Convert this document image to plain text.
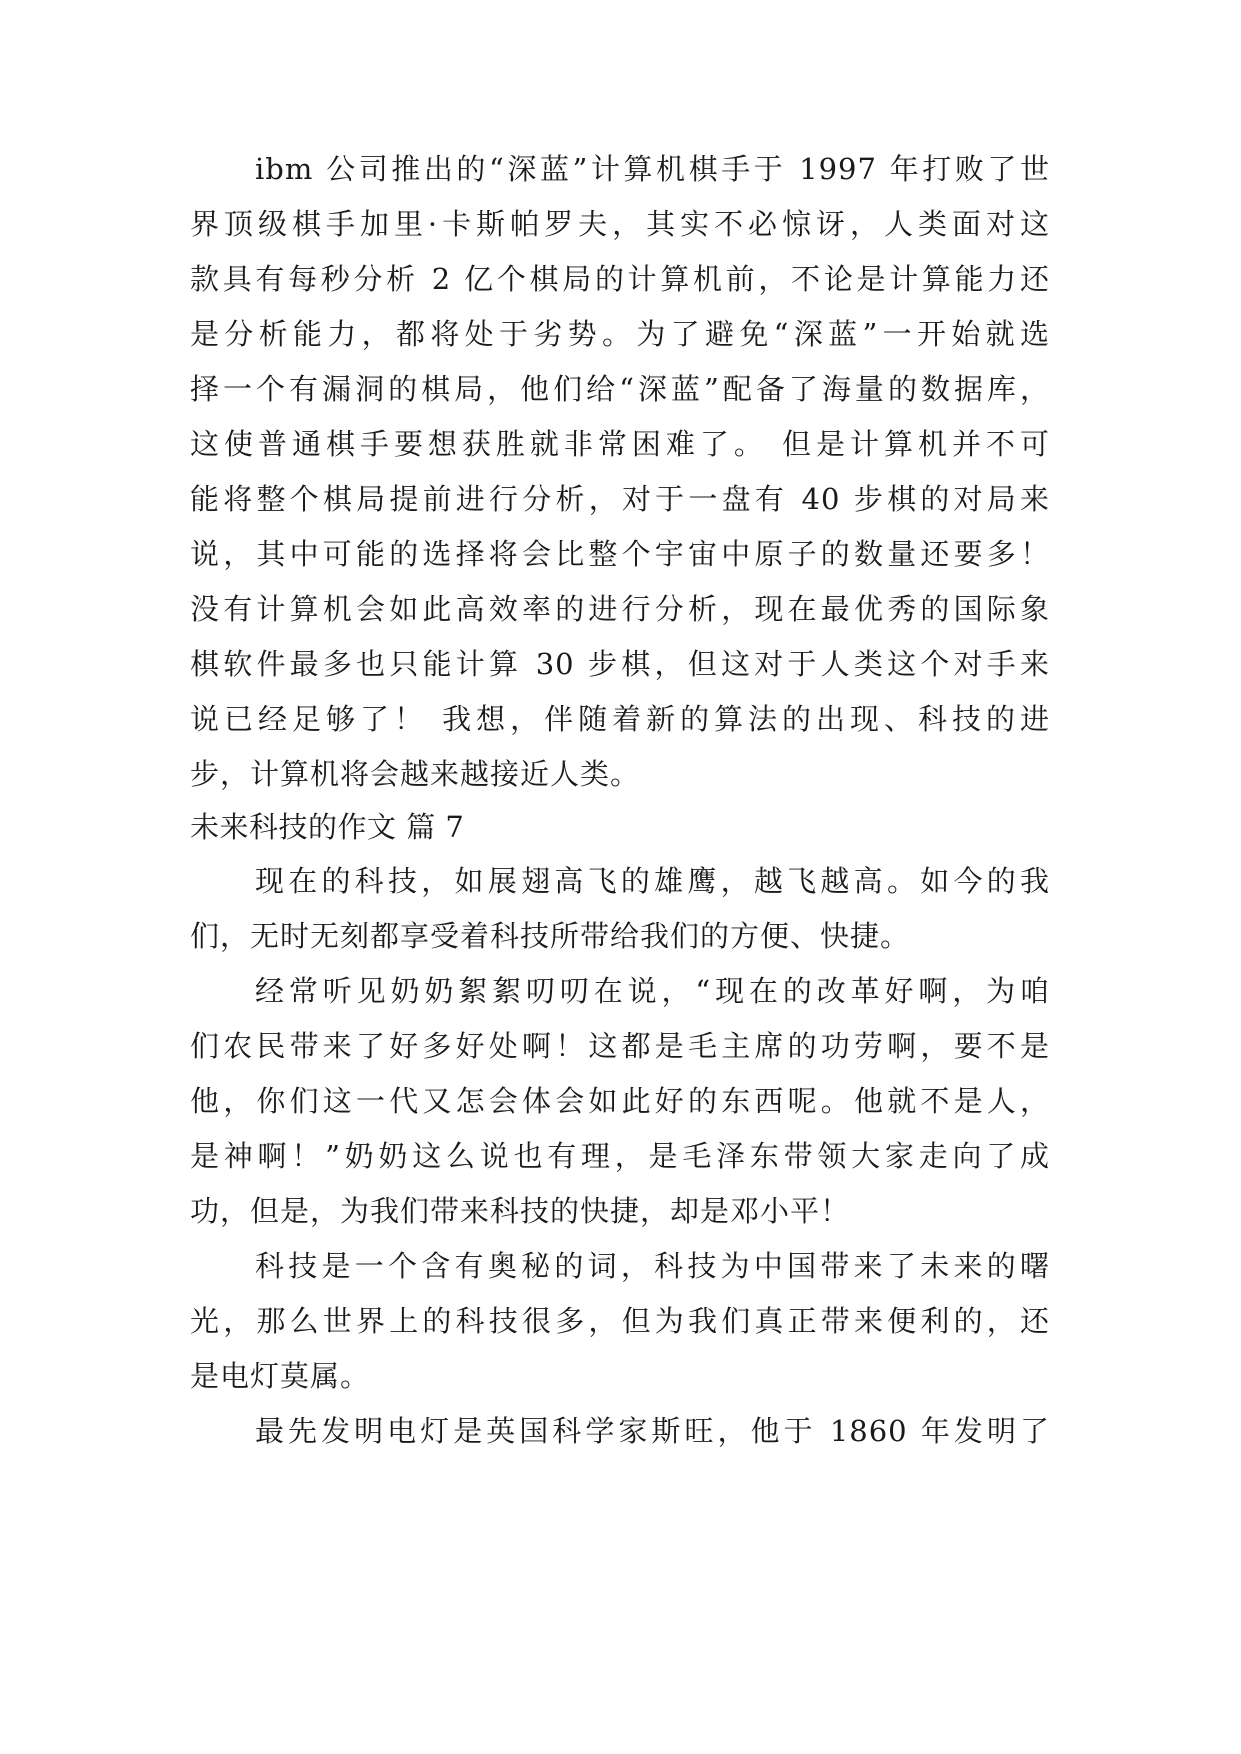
ibm 公司推出的“深蓝”计算机棋手于 1997 年打败了世
界顶级棋手加里·卡斯帕罗夫，其实不必惊讶，人类面对这
款具有每秒分析 2 亿个棋局的计算机前，不论是计算能力还
是分析能力，都将处于劣势。为了避免“深蓝”一开始就选
择一个有漏洞的棋局，他们给“深蓝”配备了海量的数据库，
这使普通棋手要想获胜就非常困难了。 但是计算机并不可
能将整个棋局提前进行分析，对于一盘有 40 步棋的对局来
说，其中可能的选择将会比整个宇宙中原子的数量还要多！
没有计算机会如此高效率的进行分析，现在最优秀的国际象
棋软件最多也只能计算 30 步棋，但这对于人类这个对手来
说已经足够了！ 我想，伴随着新的算法的出现、科技的进
步，计算机将会越来越接近人类。
未来科技的作文 篇 7
现在的科技，如展翅高飞的雄鹰，越飞越高。如今的我
们，无时无刻都享受着科技所带给我们的方便、快捷。
经常听见奶奶絮絮叨叨在说，“现在的改革好啊，为咱
们农民带来了好多好处啊！这都是毛主席的功劳啊，要不是
他，你们这一代又怎会体会如此好的东西呢。他就不是人，
是神啊！”奶奶这么说也有理，是毛泽东带领大家走向了成
功，但是，为我们带来科技的快捷，却是邓小平！
科技是一个含有奥秘的词，科技为中国带来了未来的曙
光，那么世界上的科技很多，但为我们真正带来便利的，还
是电灯莫属。
最先发明电灯是英国科学家斯旺，他于 1860 年发明了
